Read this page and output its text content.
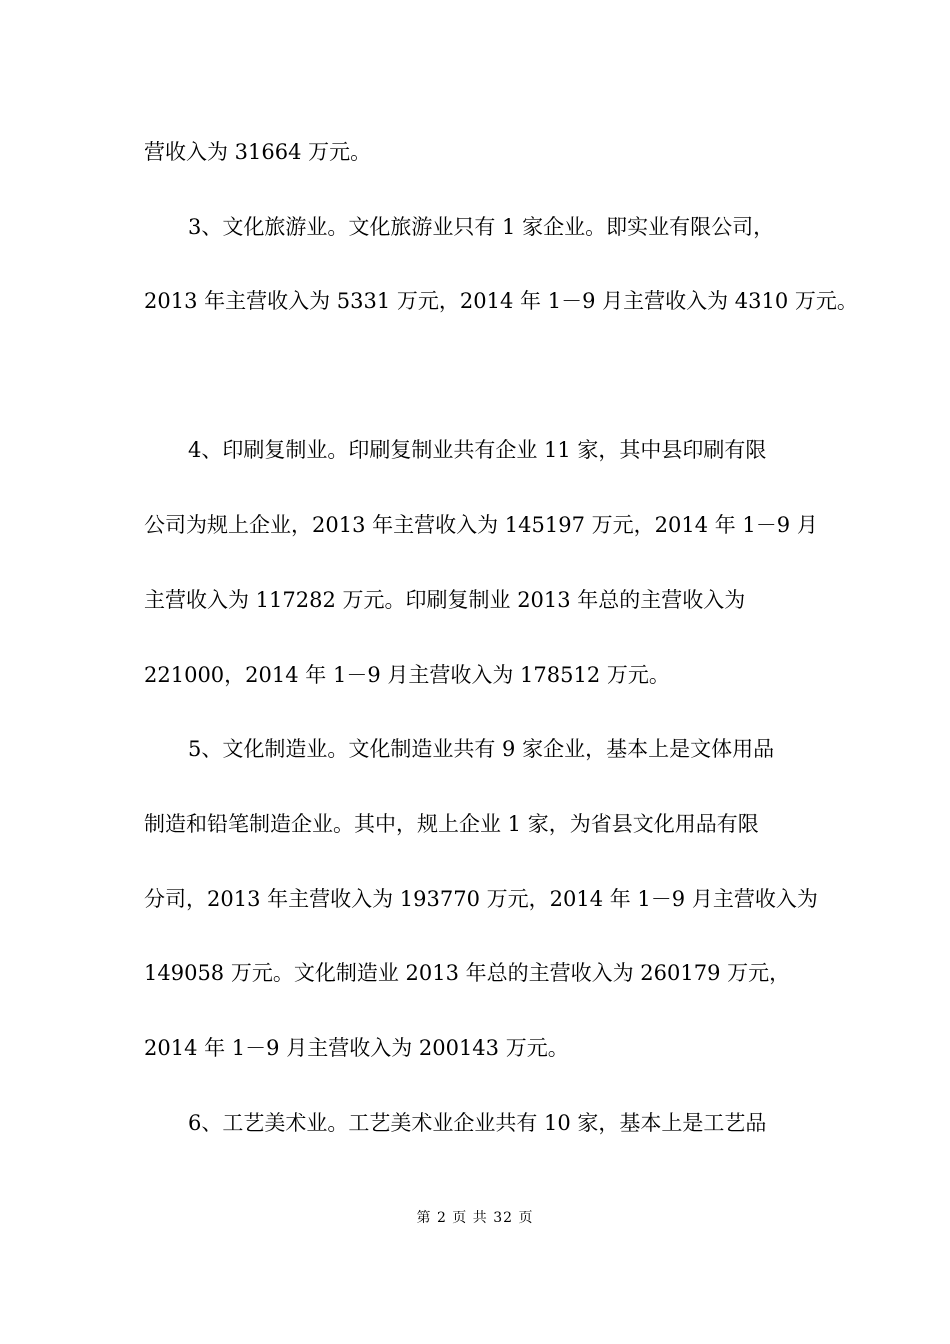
营收入为 31664 万元。
3、文化旅游业。文化旅游业只有 1 家企业。即实业有限公司，
2013 年主营收入为 5331 万元，2014 年 1－9 月主营收入为 4310 万元。
4、印刷复制业。印刷复制业共有企业 11 家，其中县印刷有限
公司为规上企业，2013 年主营收入为 145197 万元，2014 年 1－9 月
主营收入为 117282 万元。印刷复制业 2013 年总的主营收入为
221000，2014 年 1－9 月主营收入为 178512 万元。
5、文化制造业。文化制造业共有 9 家企业，基本上是文体用品
制造和铅笔制造企业。其中，规上企业 1 家，为省县文化用品有限
分司，2013 年主营收入为 193770 万元，2014 年 1－9 月主营收入为
149058 万元。文化制造业 2013 年总的主营收入为 260179 万元，
2014 年 1－9 月主营收入为 200143 万元。
6、工艺美术业。工艺美术业企业共有 10 家，基本上是工艺品
第 2 页 共 32 页
